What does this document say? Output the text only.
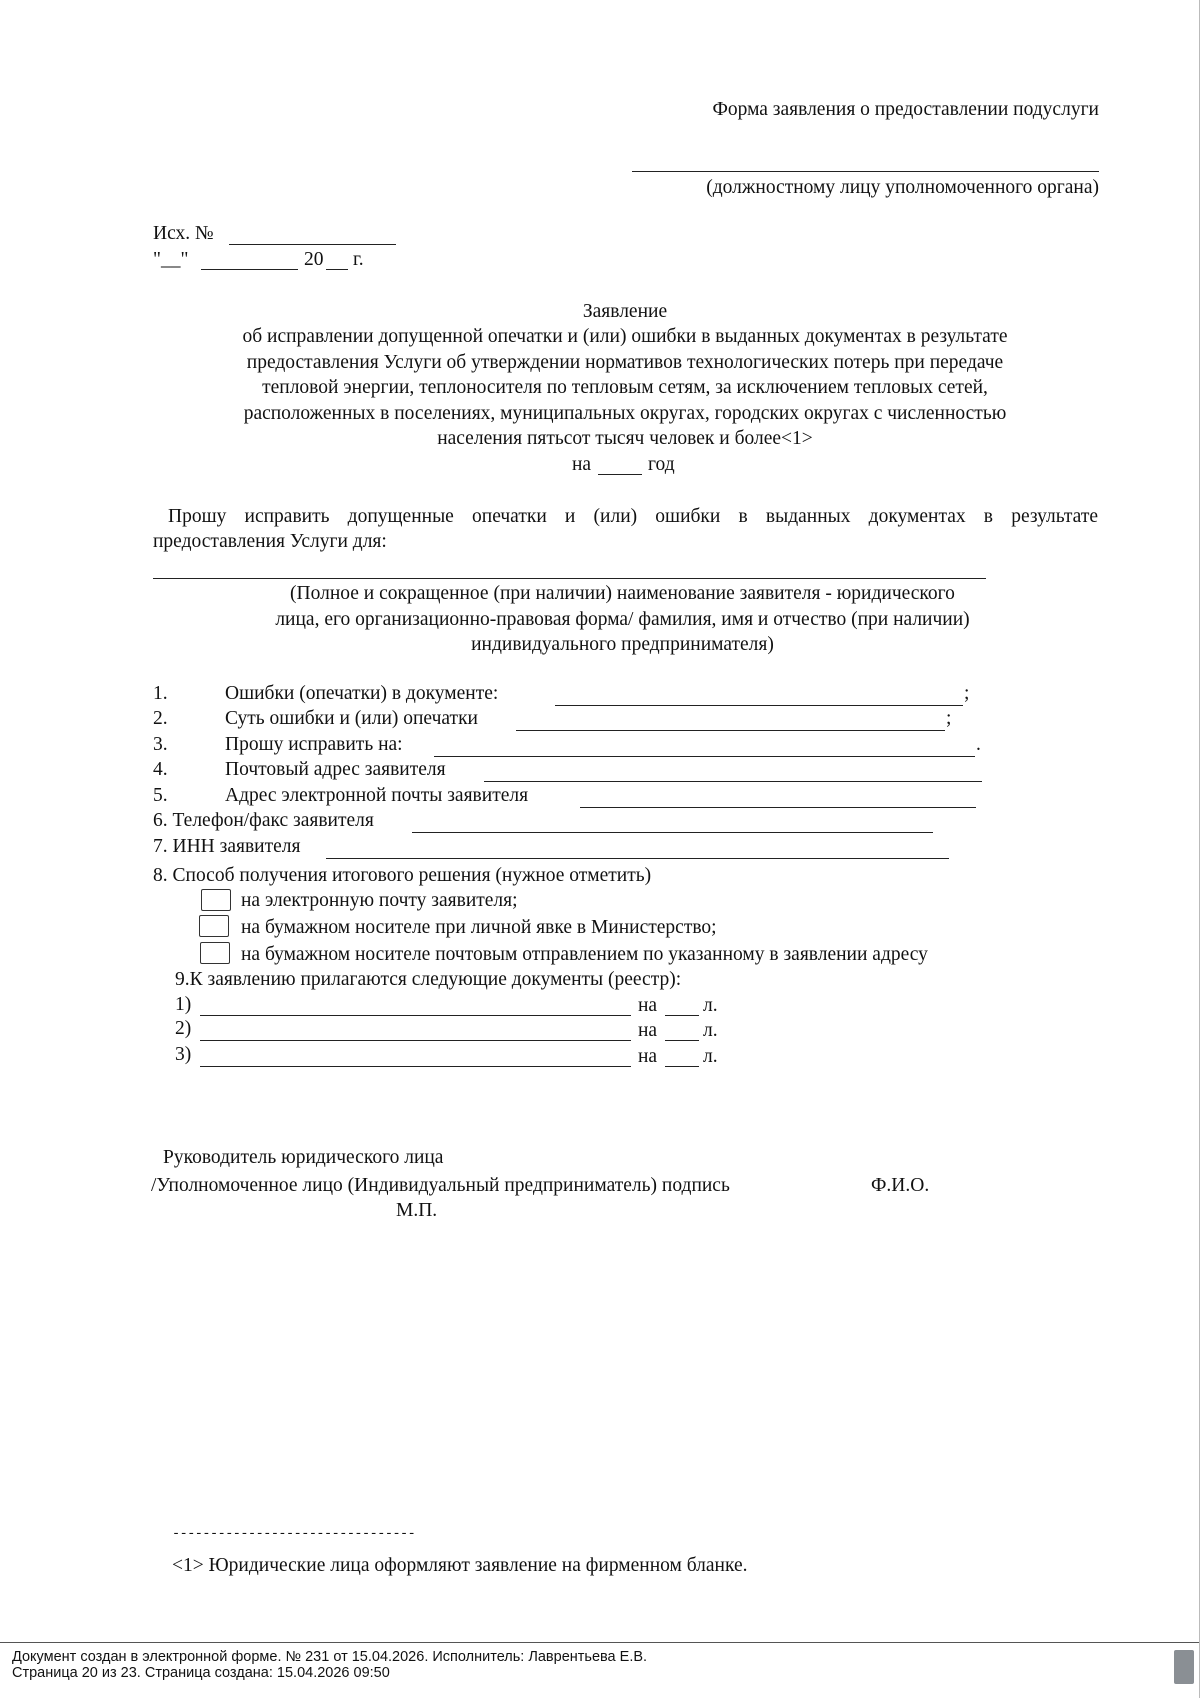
Форма заявления о предоставлении подуслуги
(должностному лицу уполномоченного органа)
Исх. №
"__"	20 г.
Заявление
об исправлении допущенной опечатки и (или) ошибки в выданных документах в результате
предоставления Услуги об утверждении нормативов технологических потерь при передаче
тепловой энергии, теплоносителя по тепловым сетям, за исключением тепловых сетей,
расположенных в поселениях, муниципальных округах, городских округах с численностью
населения пятьсот тысяч человек и более<1>
на	год
Прошу исправить допущенные опечатки и (или) ошибки в выданных документах в результате
предоставления Услуги для:
(Полное и сокращенное (при наличии) наименование заявителя - юридического
лица, его организационно-правовая форма/ фамилия, имя и отчество (при наличии)
индивидуального предпринимателя)
1.	Ошибки (опечатки) в документе:	;
2.	Суть ошибки и (или) опечатки	;
3.	Прошу исправить на:	.
4.	Почтовый адрес заявителя
5.	Адрес электронной почты заявителя
6. Телефон/факс заявителя
7. ИНН заявителя
8. Способ получения итогового решения (нужное отметить)
на электронную почту заявителя;
на бумажном носителе при личной явке в Министерство;
на бумажном носителе почтовым отправлением по указанному в заявлении адресу
9.К заявлению прилагаются следующие документы (реестр):
1)	на л.
2)	на л.
3)	на л.
Руководитель юридического лица
/Уполномоченное лицо (Индивидуальный предприниматель) подпись	Ф.И.О.
М.П.
--------------------------------
<1> Юридические лица оформляют заявление на фирменном бланке.
Документ создан в электронной форме. № 231 от 15.04.2026. Исполнитель: Лаврентьева Е.В.
Страница 20 из 23. Страница создана: 15.04.2026 09:50
